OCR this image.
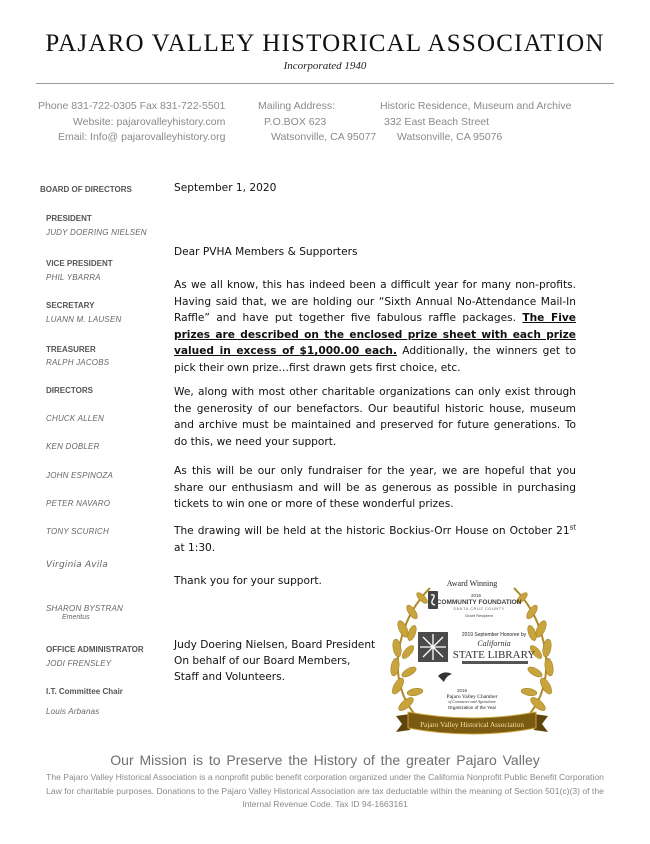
PAJARO VALLEY HISTORICAL ASSOCIATION
Incorporated 1940
Phone 831-722-0305 Fax 831-722-5501
Website: pajarovalleyhistory.com
Email: Info@ pajarovalleyhistory.org
Mailing Address:
P.O.BOX 623
Watsonville, CA 95077
Historic Residence, Museum and Archive
332 East Beach Street
Watsonville, CA 95076
BOARD OF DIRECTORS
PRESIDENT
JUDY DOERING NIELSEN
VICE PRESIDENT
PHIL YBARRA
SECRETARY
LUANN M. LAUSEN
TREASURER
RALPH JACOBS
DIRECTORS
CHUCK ALLEN
KEN DOBLER
JOHN ESPINOZA
PETER NAVARO
TONY SCURICH
Virginia Avila
SHARON BYSTRAN
Emeritus
OFFICE ADMINISTRATOR
JODI FRENSLEY
I.T. Committee Chair
Louis Arbanas

September 1, 2020

Dear PVHA Members & Supporters

As we all know, this has indeed been a difficult year for many non-profits. Having said that, we are holding our “Sixth Annual No-Attendance Mail-In Raffle” and have put together five fabulous raffle packages. The Five prizes are described on the enclosed prize sheet with each prize valued in excess of $1,000.00 each. Additionally, the winners get to pick their own prize…first drawn gets first choice, etc.

We, along with most other charitable organizations can only exist through the generosity of our benefactors. Our beautiful historic house, museum and archive must be maintained and preserved for future generations. To do this, we need your support.

As this will be our only fundraiser for the year, we are hopeful that you share our enthusiasm and will be as generous as possible in purchasing tickets to win one or more of these wonderful prizes.

The drawing will be held at the historic Bockius-Orr House on October 21st at 1:30.

Thank you for your support.

Judy Doering Nielsen, Board President

On behalf of our Board Members,

Staff and Volunteers.

Award Winning
2016
COMMUNITY FOUNDATION
SANTA CRUZ COUNTY
Grant Recipient
2019 September Honoree by
California
STATE LIBRARY
2016
Pajaro Valley Chamber
of Commerce and Agriculture
Organization of the Year
Pajaro Valley Historical Association
Our Mission is to Preserve the History of the greater Pajaro Valley
The Pajaro Valley Historical Association is a nonprofit public benefit corporation organized under the California Nonprofit Public Benefit Corporation Law for charitable purposes. Donations to the Pajaro Valley Historical Association are tax deductable within the meaning of Section 501(c)(3) of the Internal Revenue Code. Tax ID 94-1663161
